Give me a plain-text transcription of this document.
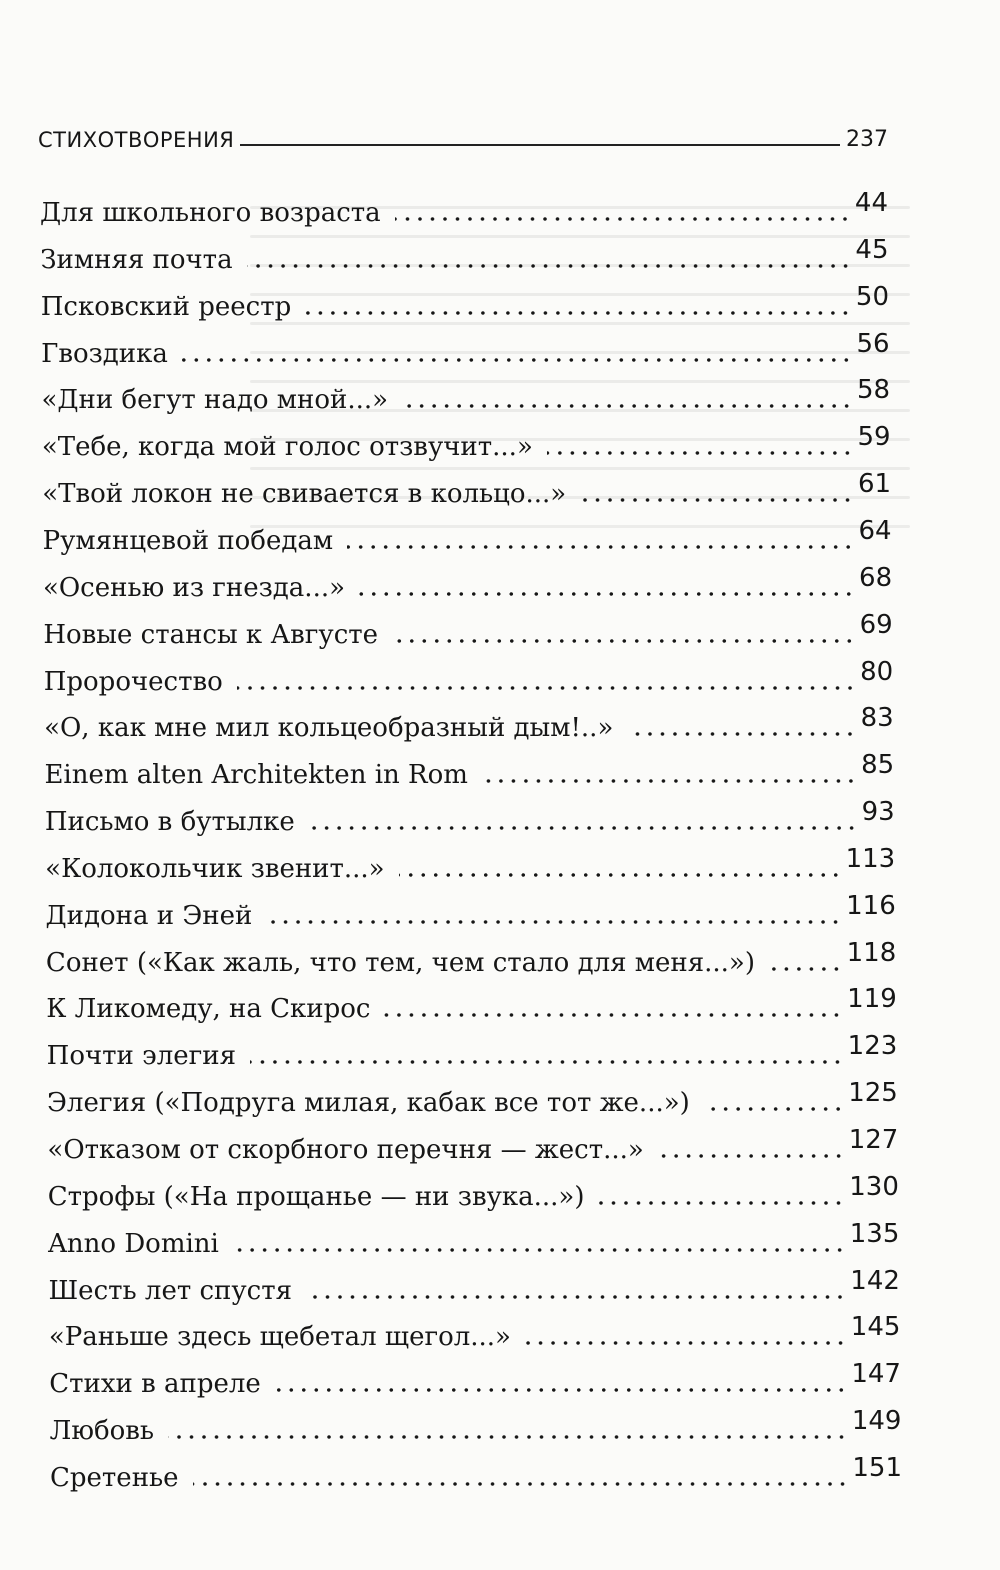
СТИХОТВОРЕНИЯ	237
Для школьного возраста	44
Зимняя почта	45
Псковский реестр	50
Гвоздика	56
«Дни бегут надо мной...»	58
«Тебе, когда мой голос отзвучит...»	59
«Твой локон не свивается в кольцо...»	61
Румянцевой победам	64
«Осенью из гнезда...»	68
Новые стансы к Августе	69
Пророчество	80
«О, как мне мил кольцеобразный дым!..»	83
Einem alten Architekten in Rom	85
Письмо в бутылке	93
«Колокольчик звенит...»	113
Дидона и Эней	116
Сонет («Как жаль, что тем, чем стало для меня...»)	118
К Ликомеду, на Скирос	119
Почти элегия	123
Элегия («Подруга милая, кабак все тот же...»)	125
«Отказом от скорбного перечня — жест...»	127
Строфы («На прощанье — ни звука...»)	130
Anno Domini	135
Шесть лет спустя	142
«Раньше здесь щебетал щегол...»	145
Стихи в апреле	147
Любовь	149
Сретенье	151
